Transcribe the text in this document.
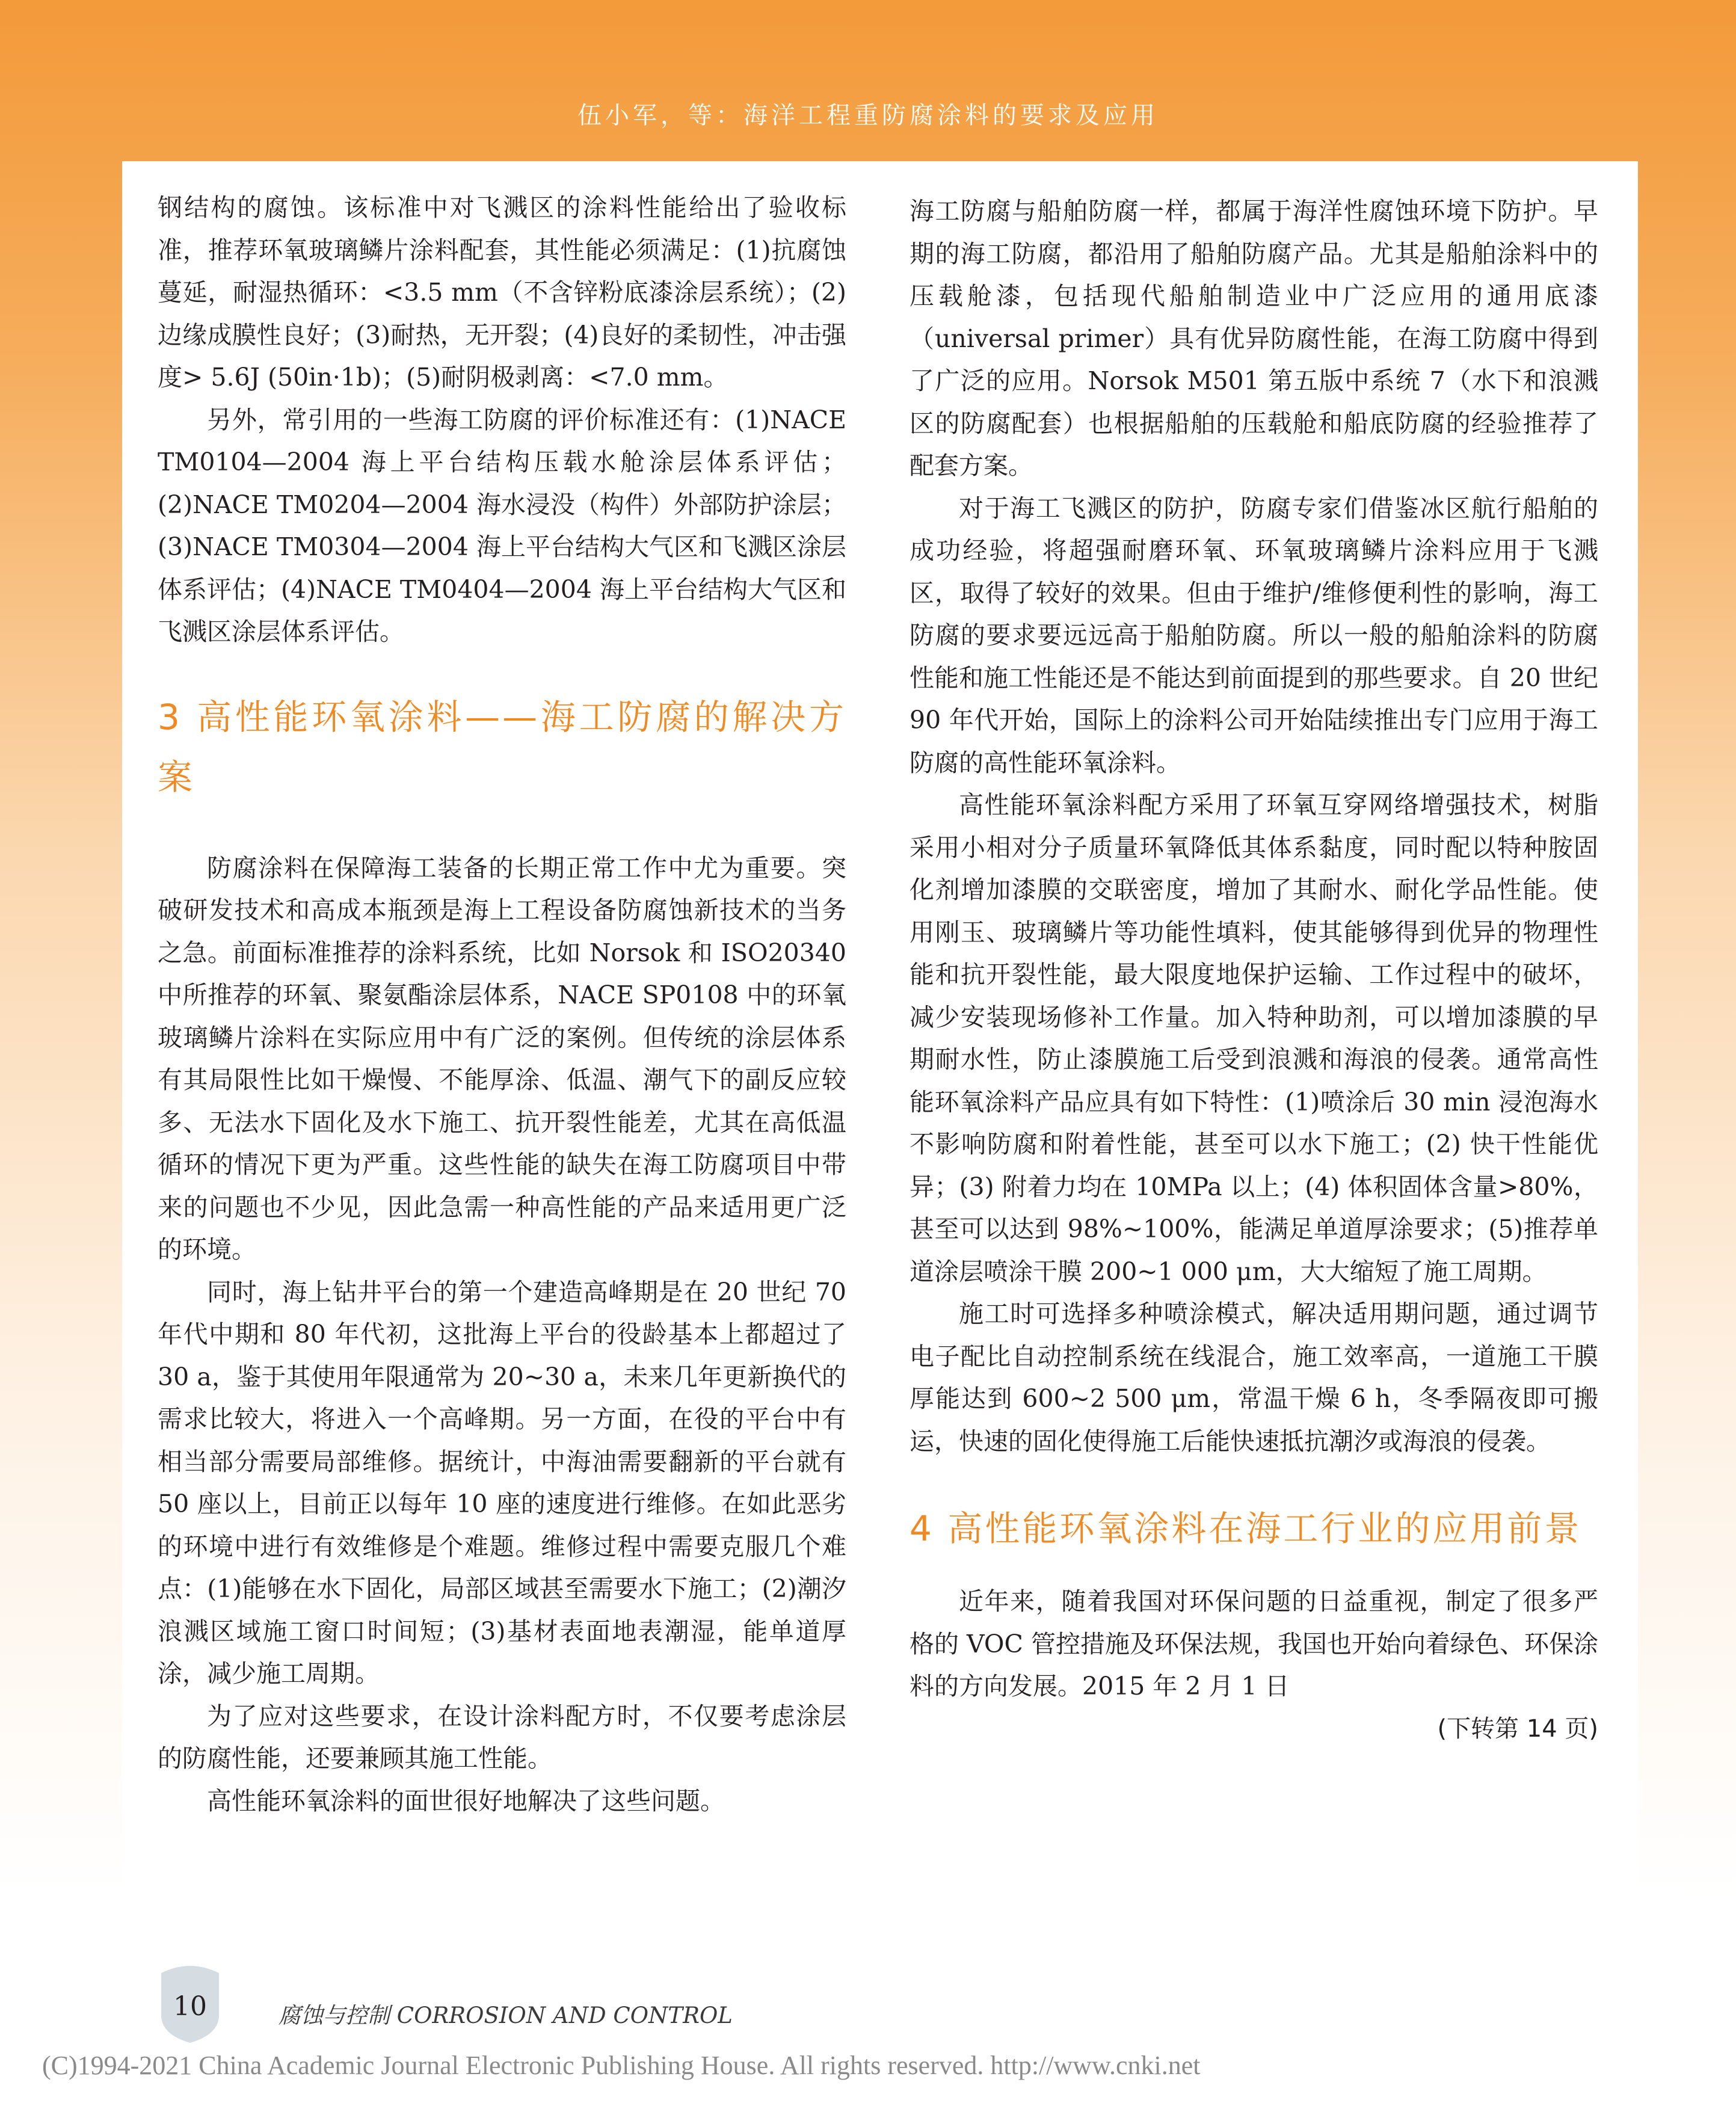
伍小军，等：海洋工程重防腐涂料的要求及应用

钢结构的腐蚀。该标准中对飞溅区的涂料性能给出了验收标准，推荐环氧玻璃鳞片涂料配套，其性能必须满足：(1)抗腐蚀蔓延，耐湿热循环：<3.5 mm（不含锌粉底漆涂层系统）；(2)边缘成膜性良好；(3)耐热，无开裂；(4)良好的柔韧性，冲击强度> 5.6J (50in·1b)；(5)耐阴极剥离：<7.0 mm。

另外，常引用的一些海工防腐的评价标准还有：(1)NACE TM0104—2004 海上平台结构压载水舱涂层体系评估；(2)NACE TM0204—2004 海水浸没（构件）外部防护涂层；(3)NACE TM0304—2004 海上平台结构大气区和飞溅区涂层体系评估；(4)NACE TM0404—2004 海上平台结构大气区和飞溅区涂层体系评估。

3 高性能环氧涂料——海工防腐的解决方案

防腐涂料在保障海工装备的长期正常工作中尤为重要。突破研发技术和高成本瓶颈是海上工程设备防腐蚀新技术的当务之急。前面标准推荐的涂料系统，比如 Norsok 和 ISO20340 中所推荐的环氧、聚氨酯涂层体系，NACE SP0108 中的环氧玻璃鳞片涂料在实际应用中有广泛的案例。但传统的涂层体系有其局限性比如干燥慢、不能厚涂、低温、潮气下的副反应较多、无法水下固化及水下施工、抗开裂性能差，尤其在高低温循环的情况下更为严重。这些性能的缺失在海工防腐项目中带来的问题也不少见，因此急需一种高性能的产品来适用更广泛的环境。

同时，海上钻井平台的第一个建造高峰期是在 20 世纪 70 年代中期和 80 年代初，这批海上平台的役龄基本上都超过了 30 a，鉴于其使用年限通常为 20~30 a，未来几年更新换代的需求比较大，将进入一个高峰期。另一方面，在役的平台中有相当部分需要局部维修。据统计，中海油需要翻新的平台就有 50 座以上，目前正以每年 10 座的速度进行维修。在如此恶劣的环境中进行有效维修是个难题。维修过程中需要克服几个难点：(1)能够在水下固化，局部区域甚至需要水下施工；(2)潮汐浪溅区域施工窗口时间短；(3)基材表面地表潮湿，能单道厚涂，减少施工周期。

为了应对这些要求，在设计涂料配方时，不仅要考虑涂层的防腐性能，还要兼顾其施工性能。

高性能环氧涂料的面世很好地解决了这些问题。

海工防腐与船舶防腐一样，都属于海洋性腐蚀环境下防护。早期的海工防腐，都沿用了船舶防腐产品。尤其是船舶涂料中的压载舱漆，包括现代船舶制造业中广泛应用的通用底漆（universal primer）具有优异防腐性能，在海工防腐中得到了广泛的应用。Norsok M501 第五版中系统 7（水下和浪溅区的防腐配套）也根据船舶的压载舱和船底防腐的经验推荐了配套方案。

对于海工飞溅区的防护，防腐专家们借鉴冰区航行船舶的成功经验，将超强耐磨环氧、环氧玻璃鳞片涂料应用于飞溅区，取得了较好的效果。但由于维护/维修便利性的影响，海工防腐的要求要远远高于船舶防腐。所以一般的船舶涂料的防腐性能和施工性能还是不能达到前面提到的那些要求。自 20 世纪 90 年代开始，国际上的涂料公司开始陆续推出专门应用于海工防腐的高性能环氧涂料。

高性能环氧涂料配方采用了环氧互穿网络增强技术，树脂采用小相对分子质量环氧降低其体系黏度，同时配以特种胺固化剂增加漆膜的交联密度，增加了其耐水、耐化学品性能。使用刚玉、玻璃鳞片等功能性填料，使其能够得到优异的物理性能和抗开裂性能，最大限度地保护运输、工作过程中的破坏，减少安装现场修补工作量。加入特种助剂，可以增加漆膜的早期耐水性，防止漆膜施工后受到浪溅和海浪的侵袭。通常高性能环氧涂料产品应具有如下特性：(1)喷涂后 30 min 浸泡海水不影响防腐和附着性能，甚至可以水下施工；(2) 快干性能优异；(3) 附着力均在 10MPa 以上；(4) 体积固体含量>80%，甚至可以达到 98%~100%，能满足单道厚涂要求；(5)推荐单道涂层喷涂干膜 200~1 000 μm，大大缩短了施工周期。

施工时可选择多种喷涂模式，解决适用期问题，通过调节电子配比自动控制系统在线混合，施工效率高，一道施工干膜厚能达到 600~2 500 μm，常温干燥 6 h，冬季隔夜即可搬运，快速的固化使得施工后能快速抵抗潮汐或海浪的侵袭。

4 高性能环氧涂料在海工行业的应用前景

近年来，随着我国对环保问题的日益重视，制定了很多严格的 VOC 管控措施及环保法规，我国也开始向着绿色、环保涂料的方向发展。2015 年 2 月 1 日

(下转第 14 页)
10	腐蚀与控制 CORROSION AND CONTROL
(C)1994-2021 China Academic Journal Electronic Publishing House. All rights reserved. http://www.cnki.net
